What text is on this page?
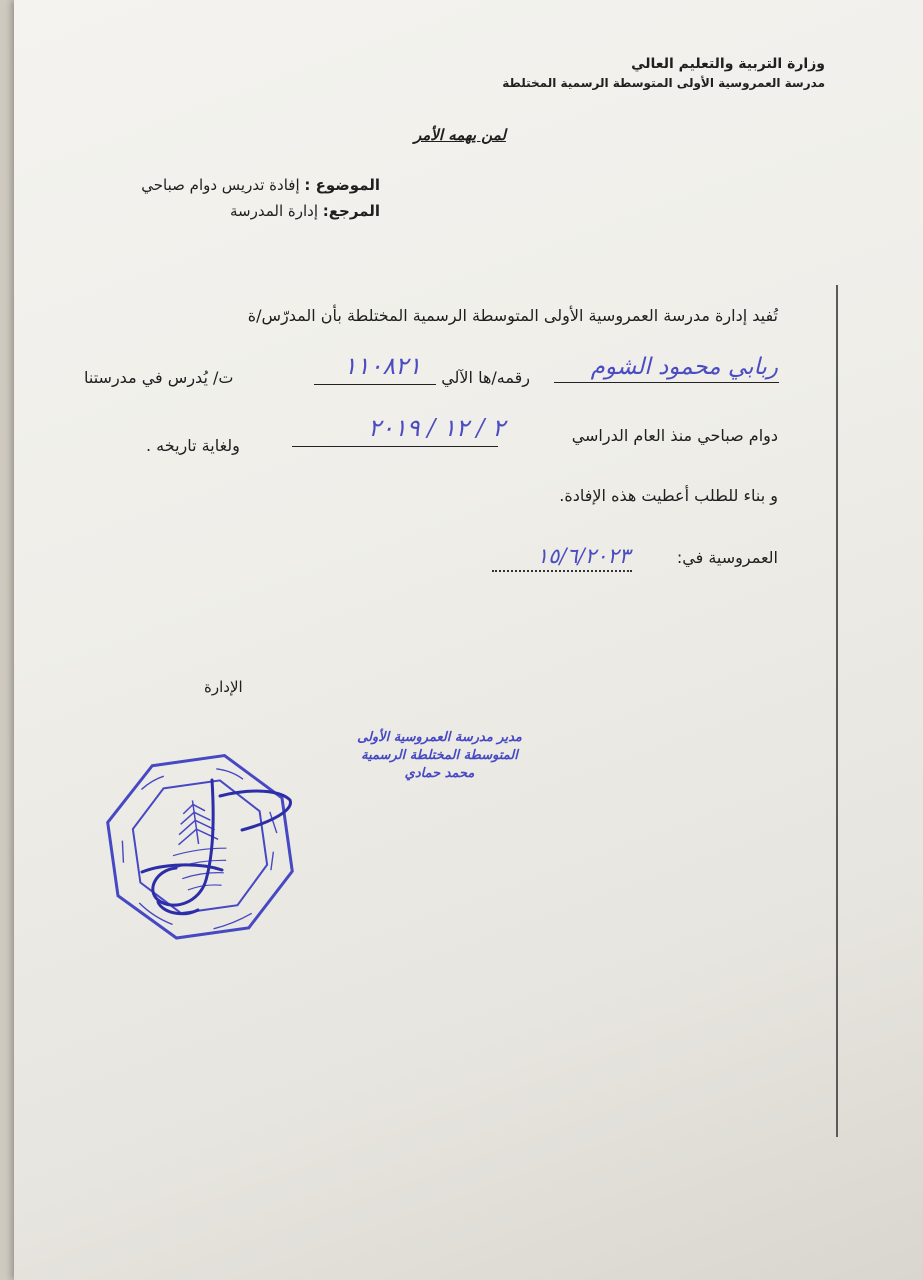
وزارة التربية والتعليم العالي
مدرسة العمروسية الأولى المتوسطة الرسمية المختلطة
لمن يهمه الأمر
الموضوع : إفادة تدريس دوام صباحي
المرجع: إدارة المدرسة
تُفيد إدارة مدرسة العمروسية الأولى المتوسطة الرسمية المختلطة بأن المدرّس/ة
ربابي محمود الشوم
رقمه/ها الآلي
١١٠٨٢١
ت/ يُدرس في مدرستنا
دوام صباحي منذ العام الدراسي
٢ / ١٢ / ٢٠١٩
ولغاية تاريخه .
و بناء للطلب أعطيت هذه الإفادة.
العمروسية في:
١٥/٦/٢٠٢٣
الإدارة
مدير مدرسة العمروسية الأولى
المتوسطة المختلطة الرسمية
محمد حمادي
